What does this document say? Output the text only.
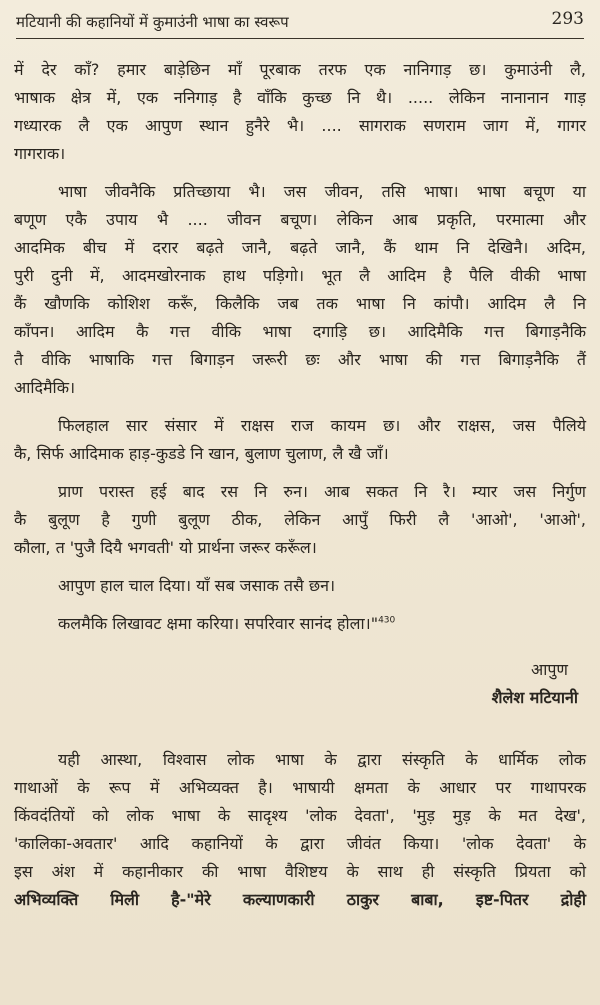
मटियानी की कहानियों में कुमाउंनी भाषा का स्वरूप	293
में देर काँ? हमार बाड़ेछिन माँ पूरबाक तरफ एक नानिगाड़ छ। कुमाउंनी लै,
भाषाक क्षेत्र में, एक ननिगाड़ है वाँकि कुच्छ नि थै। ..... लेकिन नानानान गाड़
गध्यारक लै एक आपुण स्थान हुनैरे भै। .... सागराक सणराम जाग में, गागर
गागराक।
भाषा जीवनैकि प्रतिच्छाया भै। जस जीवन, तसि भाषा। भाषा बचूण या
बणूण एकै उपाय भै .... जीवन बचूण। लेकिन आब प्रकृति, परमात्मा और
आदमिक बीच में दरार बढ़ते जानै, बढ़ते जानै, कैं थाम नि देखिनै। अदिम,
पुरी दुनी में, आदमखोरनाक हाथ पड़िगो। भूत लै आदिम है पैलि वीकी भाषा
कैं खौणकि कोशिश करूँ, किलैकि जब तक भाषा नि कांपौ। आदिम लै नि
काँपन। आदिम कै गत्त वीकि भाषा दगाड़ि छ। आदिमैकि गत्त बिगाड़नैकि
तै वीकि भाषाकि गत्त बिगाड़न जरूरी छः और भाषा की गत्त बिगाड़नैकि तैं
आदिमैकि।
फिलहाल सार संसार में राक्षस राज कायम छ। और राक्षस, जस पैलिये
कै, सिर्फ आदिमाक हाड़-कुडडे नि खान, बुलाण चुलाण, लै खै जाँ।
प्राण परास्त हई बाद रस नि रुन। आब सकत नि रै। म्यार जस निर्गुण
कै बुलूण है गुणी बुलूण ठीक, लेकिन आपुँ फिरी लै 'आओ', 'आओ',
कौला, त 'पुजै दियै भगवती' यो प्रार्थना जरूर करूँल।
आपुण हाल चाल दिया। याँ सब जसाक तसै छन।
कलमैकि लिखावट क्षमा करिया। सपरिवार सानंद होला।"$^{430}$
आपुण
शैलेश मटियानी
यही आस्था, विश्वास लोक भाषा के द्वारा संस्कृति के धार्मिक लोक
गाथाओं के रूप में अभिव्यक्त है। भाषायी क्षमता के आधार पर गाथापरक
किंवदंतियों को लोक भाषा के सादृश्य 'लोक देवता', 'मुड़ मुड़ के मत देख',
'कालिका-अवतार' आदि कहानियों के द्वारा जीवंत किया। 'लोक देवता' के
इस अंश में कहानीकार की भाषा वैशिष्टय के साथ ही संस्कृति प्रियता को
अभिव्यक्ति मिली है-"मेरे कल्याणकारी ठाकुर बाबा, इष्ट-पितर द्रोही
